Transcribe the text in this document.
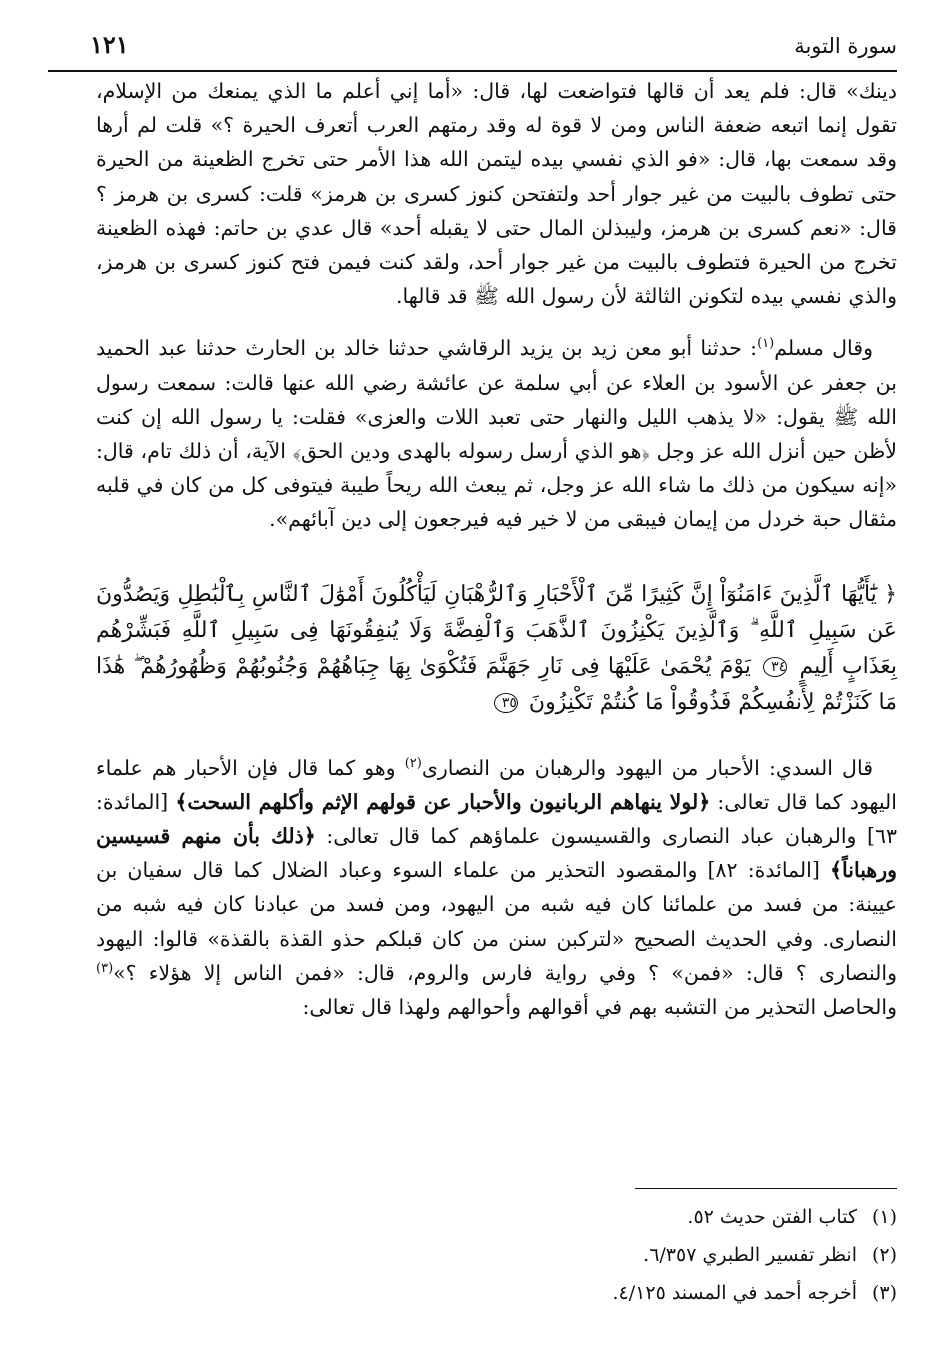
سورة التوبة
١٢١

دينك» قال: فلم يعد أن قالها فتواضعت لها، قال: «أما إني أعلم ما الذي يمنعك من الإسلام، تقول إنما اتبعه ضعفة الناس ومن لا قوة له وقد رمتهم العرب أتعرف الحيرة ؟» قلت لم أرها وقد سمعت بها، قال: «فو الذي نفسي بيده ليتمن الله هذا الأمر حتى تخرج الظعينة من الحيرة حتى تطوف بالبيت من غير جوار أحد ولتفتحن كنوز كسرى بن هرمز» قلت: كسرى بن هرمز ؟ قال: «نعم كسرى بن هرمز، وليبذلن المال حتى لا يقبله أحد» قال عدي بن حاتم: فهذه الظعينة تخرج من الحيرة فتطوف بالبيت من غير جوار أحد، ولقد كنت فيمن فتح كنوز كسرى بن هرمز، والذي نفسي بيده لتكونن الثالثة لأن رسول الله ﷺ قد قالها.

وقال مسلم$^{(١)}$: حدثنا أبو معن زيد بن يزيد الرقاشي حدثنا خالد بن الحارث حدثنا عبد الحميد بن جعفر عن الأسود بن العلاء عن أبي سلمة عن عائشة رضي الله عنها قالت: سمعت رسول الله ﷺ يقول: «لا يذهب الليل والنهار حتى تعبد اللات والعزى» فقلت: يا رسول الله إن كنت لأظن حين أنزل الله عز وجل ﴿هو الذي أرسل رسوله بالهدى ودين الحق﴾ الآية، أن ذلك تام، قال: «إنه سيكون من ذلك ما شاء الله عز وجل، ثم يبعث الله ريحاً طيبة فيتوفى كل من كان في قلبه مثقال حبة خردل من إيمان فيبقى من لا خير فيه فيرجعون إلى دين آبائهم».

﴿ يَٰٓأَيُّهَا ٱلَّذِينَ ءَامَنُوٓاْ إِنَّ كَثِيرًا مِّنَ ٱلْأَحْبَارِ وَٱلرُّهْبَانِ لَيَأْكُلُونَ أَمْوَٰلَ ٱلنَّاسِ بِٱلْبَٰطِلِ وَيَصُدُّونَ عَن سَبِيلِ ٱللَّهِ ۗ وَٱلَّذِينَ يَكْنِزُونَ ٱلذَّهَبَ وَٱلْفِضَّةَ وَلَا يُنفِقُونَهَا فِى سَبِيلِ ٱللَّهِ فَبَشِّرْهُم بِعَذَابٍ أَلِيمٍ ٣٤ يَوْمَ يُحْمَىٰ عَلَيْهَا فِى نَارِ جَهَنَّمَ فَتُكْوَىٰ بِهَا جِبَاهُهُمْ وَجُنُوبُهُمْ وَظُهُورُهُمْ ۖ هَٰذَا مَا كَنَزْتُمْ لِأَنفُسِكُمْ فَذُوقُواْ مَا كُنتُمْ تَكْنِزُونَ ٣٥

قال السدي: الأحبار من اليهود والرهبان من النصارى$^{(٢)}$ وهو كما قال فإن الأحبار هم علماء اليهود كما قال تعالى: ﴿لولا ينهاهم الربانيون والأحبار عن قولهم الإثم وأكلهم السحت﴾ [المائدة: ٦٣] والرهبان عباد النصارى والقسيسون علماؤهم كما قال تعالى: ﴿ذلك بأن منهم قسيسين ورهباناً﴾ [المائدة: ٨٢] والمقصود التحذير من علماء السوء وعباد الضلال كما قال سفيان بن عيينة: من فسد من علمائنا كان فيه شبه من اليهود، ومن فسد من عبادنا كان فيه شبه من النصارى. وفي الحديث الصحيح «لتركبن سنن من كان قبلكم حذو القذة بالقذة» قالوا: اليهود والنصارى ؟ قال: «فمن» ؟ وفي رواية فارس والروم، قال: «فمن الناس إلا هؤلاء ؟»$^{(٣)}$ والحاصل التحذير من التشبه بهم في أقوالهم وأحوالهم ولهذا قال تعالى:

(١)
كتاب الفتن حديث ٥٢.
(٢)
انظر تفسير الطبري ٦/٣٥٧.
(٣)
أخرجه أحمد في المسند ٤/١٢٥.
